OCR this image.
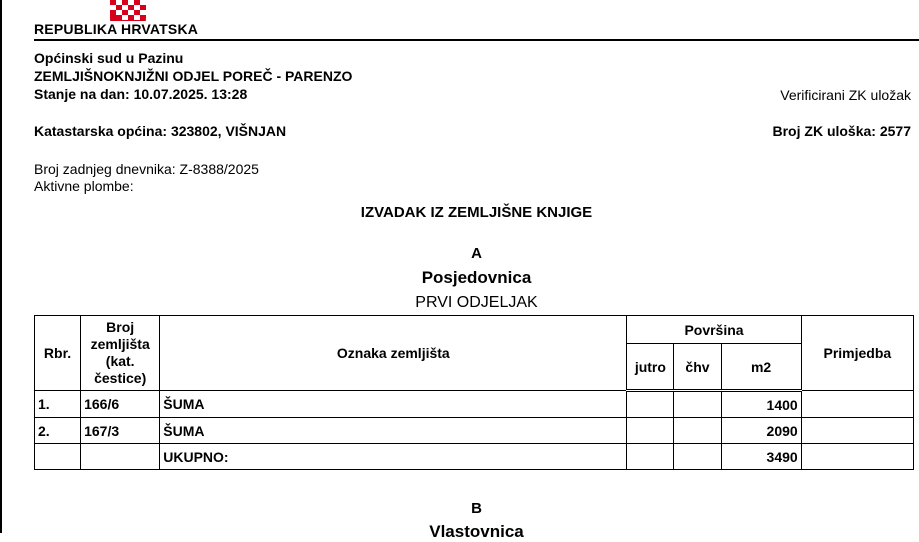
REPUBLIKA HRVATSKA
Općinski sud u Pazinu
ZEMLJIŠNOKNJIŽNI ODJEL POREČ - PARENZO
Stanje na dan: 10.07.2025. 13:28	Verificirani ZK uložak
Katastarska općina: 323802, VIŠNJAN	Broj ZK uloška: 2577
Broj zadnjeg dnevnika: Z-8388/2025
Aktivne plombe:
IZVADAK IZ ZEMLJIŠNE KNJIGE
A
Posjedovnica
PRVI ODJELJAK
Rbr.	Broj zemljišta (kat. čestice)	Oznaka zemljišta	Površina			Primjedba
			jutro	čhv	m2	
1.	166/6	ŠUMA			1400	
2.	167/3	ŠUMA			2090	
		UKUPNO:			3490	
B
Vlastovnica
